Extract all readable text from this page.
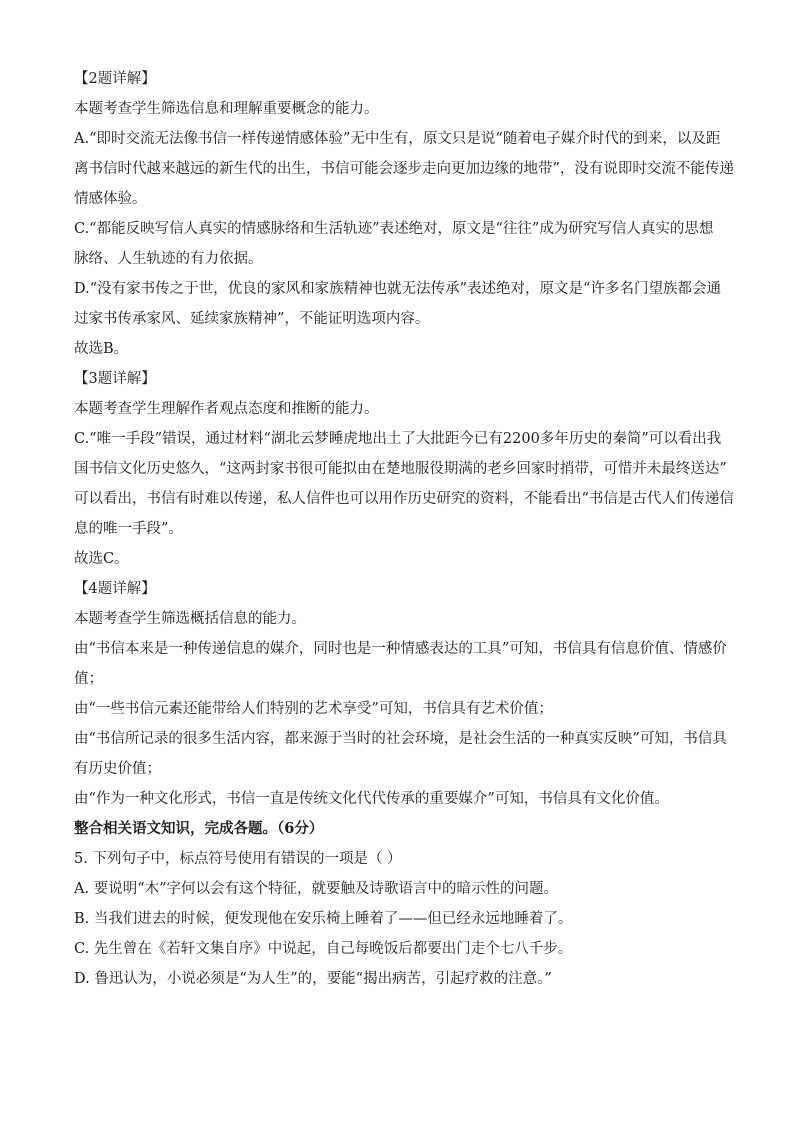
【2题详解】
本题考查学生筛选信息和理解重要概念的能力。
A.“即时交流无法像书信一样传递情感体验”无中生有，原文只是说“随着电子媒介时代的到来，以及距
离书信时代越来越远的新生代的出生，书信可能会逐步走向更加边缘的地带”，没有说即时交流不能传递
情感体验。
C.“都能反映写信人真实的情感脉络和生活轨迹”表述绝对，原文是“往往”成为研究写信人真实的思想
脉络、人生轨迹的有力依据。
D.“没有家书传之于世，优良的家风和家族精神也就无法传承”表述绝对，原文是“许多名门望族都会通
过家书传承家风、延续家族精神”，不能证明选项内容。
故选B。
【3题详解】
本题考查学生理解作者观点态度和推断的能力。
C.“唯一手段”错误，通过材料“湖北云梦睡虎地出土了大批距今已有2200多年历史的秦简”可以看出我
国书信文化历史悠久，“这两封家书很可能拟由在楚地服役期满的老乡回家时捎带，可惜并未最终送达”
可以看出，书信有时难以传递，私人信件也可以用作历史研究的资料，不能看出“书信是古代人们传递信
息的唯一手段”。
故选C。
【4题详解】
本题考查学生筛选概括信息的能力。
由“书信本来是一种传递信息的媒介，同时也是一种情感表达的工具”可知，书信具有信息价值、情感价
值；
由“一些书信元素还能带给人们特别的艺术享受”可知，书信具有艺术价值；
由“书信所记录的很多生活内容，都来源于当时的社会环境，是社会生活的一种真实反映”可知，书信具
有历史价值；
由“作为一种文化形式，书信一直是传统文化代代传承的重要媒介”可知，书信具有文化价值。
整合相关语文知识，完成各题。（6分）
5. 下列句子中，标点符号使用有错误的一项是（ ）
A. 要说明“木”字何以会有这个特征，就要触及诗歌语言中的暗示性的问题。
B. 当我们进去的时候，便发现他在安乐椅上睡着了——但已经永远地睡着了。
C. 先生曾在《若轩文集自序》中说起，自己每晚饭后都要出门走个七八千步。
D. 鲁迅认为，小说必须是“为人生”的，要能“揭出病苦，引起疗救的注意。”
